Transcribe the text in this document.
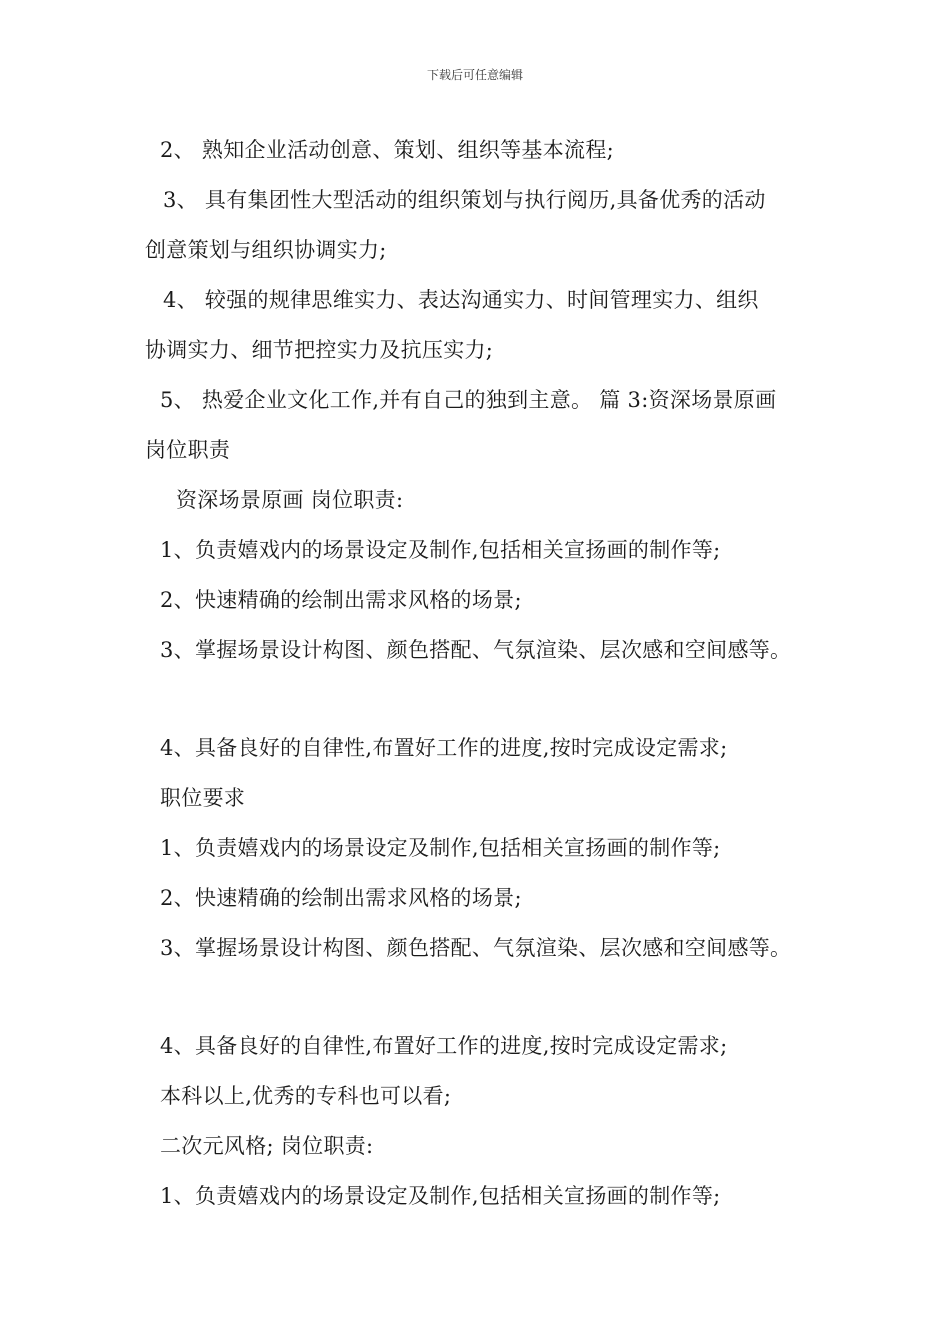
下载后可任意编辑
2、 熟知企业活动创意、策划、组织等基本流程;
3、 具有集团性大型活动的组织策划与执行阅历,具备优秀的活动
创意策划与组织协调实力;
4、 较强的规律思维实力、表达沟通实力、时间管理实力、组织
协调实力、细节把控实力及抗压实力;
5、 热爱企业文化工作,并有自己的独到主意。 篇 3:资深场景原画
岗位职责
资深场景原画 岗位职责:
1、负责嬉戏内的场景设定及制作,包括相关宣扬画的制作等;
2、快速精确的绘制出需求风格的场景;
3、掌握场景设计构图、颜色搭配、气氛渲染、层次感和空间感等。
4、具备良好的自律性,布置好工作的进度,按时完成设定需求;
职位要求
1、负责嬉戏内的场景设定及制作,包括相关宣扬画的制作等;
2、快速精确的绘制出需求风格的场景;
3、掌握场景设计构图、颜色搭配、气氛渲染、层次感和空间感等。
4、具备良好的自律性,布置好工作的进度,按时完成设定需求;
本科以上,优秀的专科也可以看;
二次元风格; 岗位职责:
1、负责嬉戏内的场景设定及制作,包括相关宣扬画的制作等;
